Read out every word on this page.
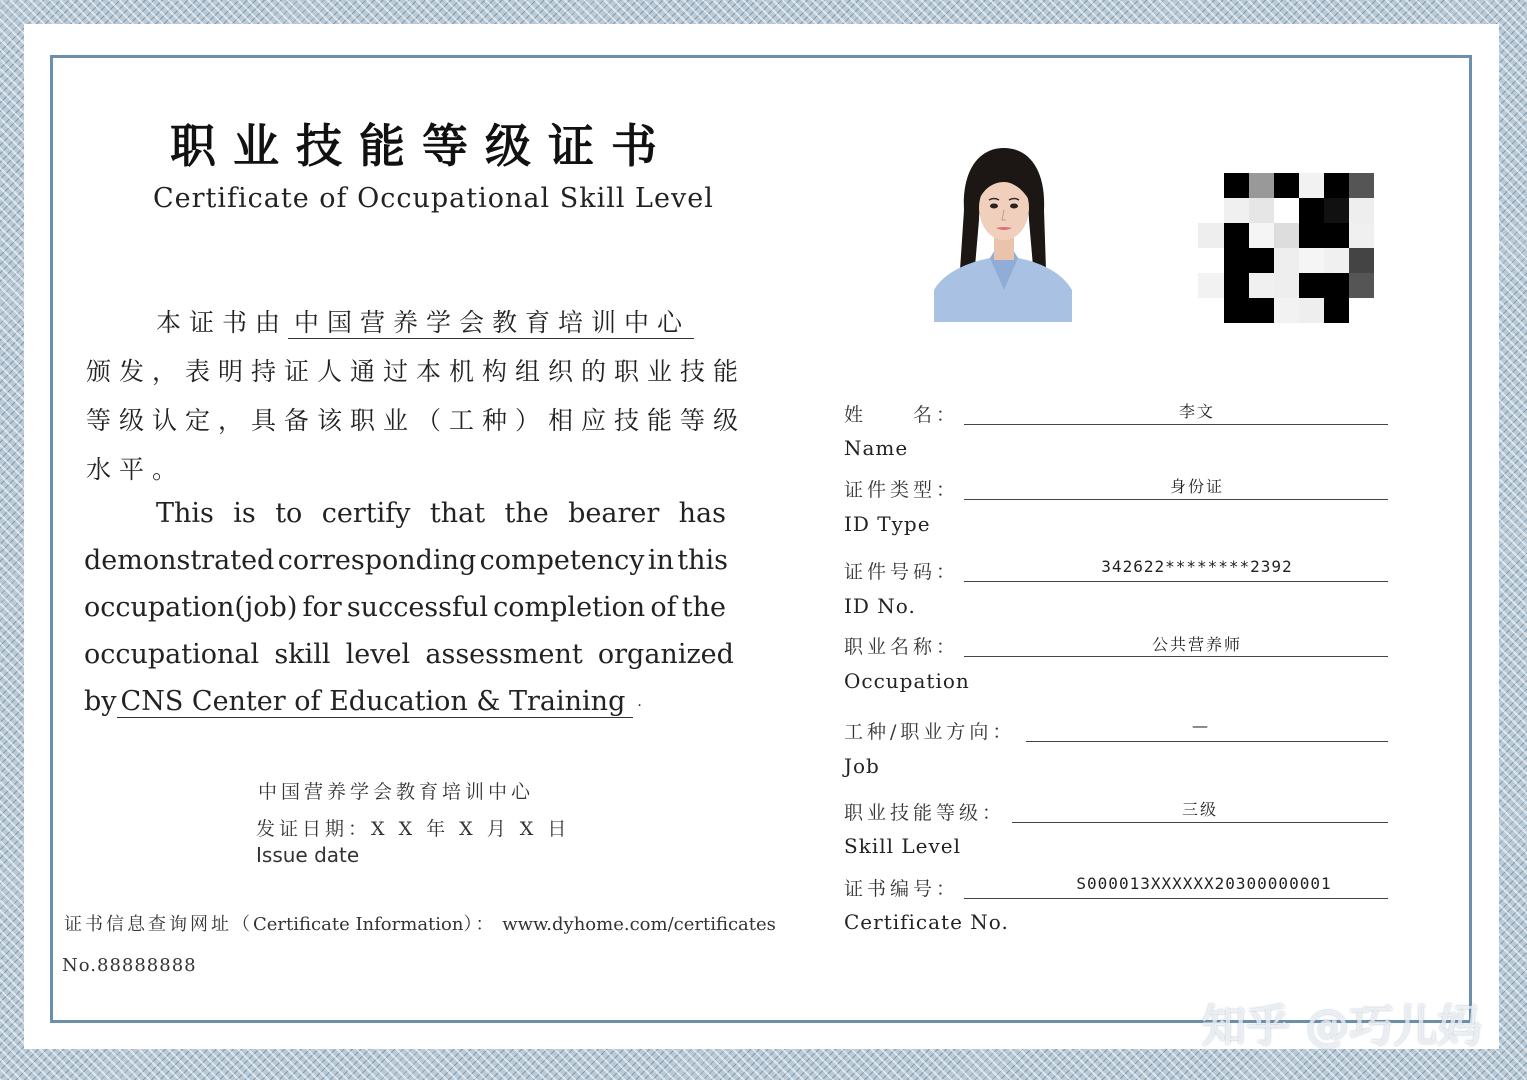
职业技能等级证书
Certificate of Occupational Skill Level
本证书由 中国营养学会教育培训中心
颁发，表明持证人通过本机构组织的职业技能
等级认定，具备该职业（工种）相应技能等级
水平。
This is to certify that the bearer has
demonstrated corresponding competency in this
occupation(job) for successful completion of the
occupational skill level assessment organized
by CNS Center of Education & Training ·
中国营养学会教育培训中心
发证日期：X X 年 X 月 X 日
Issue date
证书信息查询网址（Certificate Information）： www.dyhome.com/certificates
No.88888888
姓　　名：
Name
李文
证件类型：
ID Type
身份证
证件号码：
ID No.
342622********2392
职业名称：
Occupation
公共营养师
工种/职业方向：
Job
—
职业技能等级：
Skill Level
三级
证书编号：
Certificate No.
S000013XXXXXX20300000001
知乎 @巧儿妈
